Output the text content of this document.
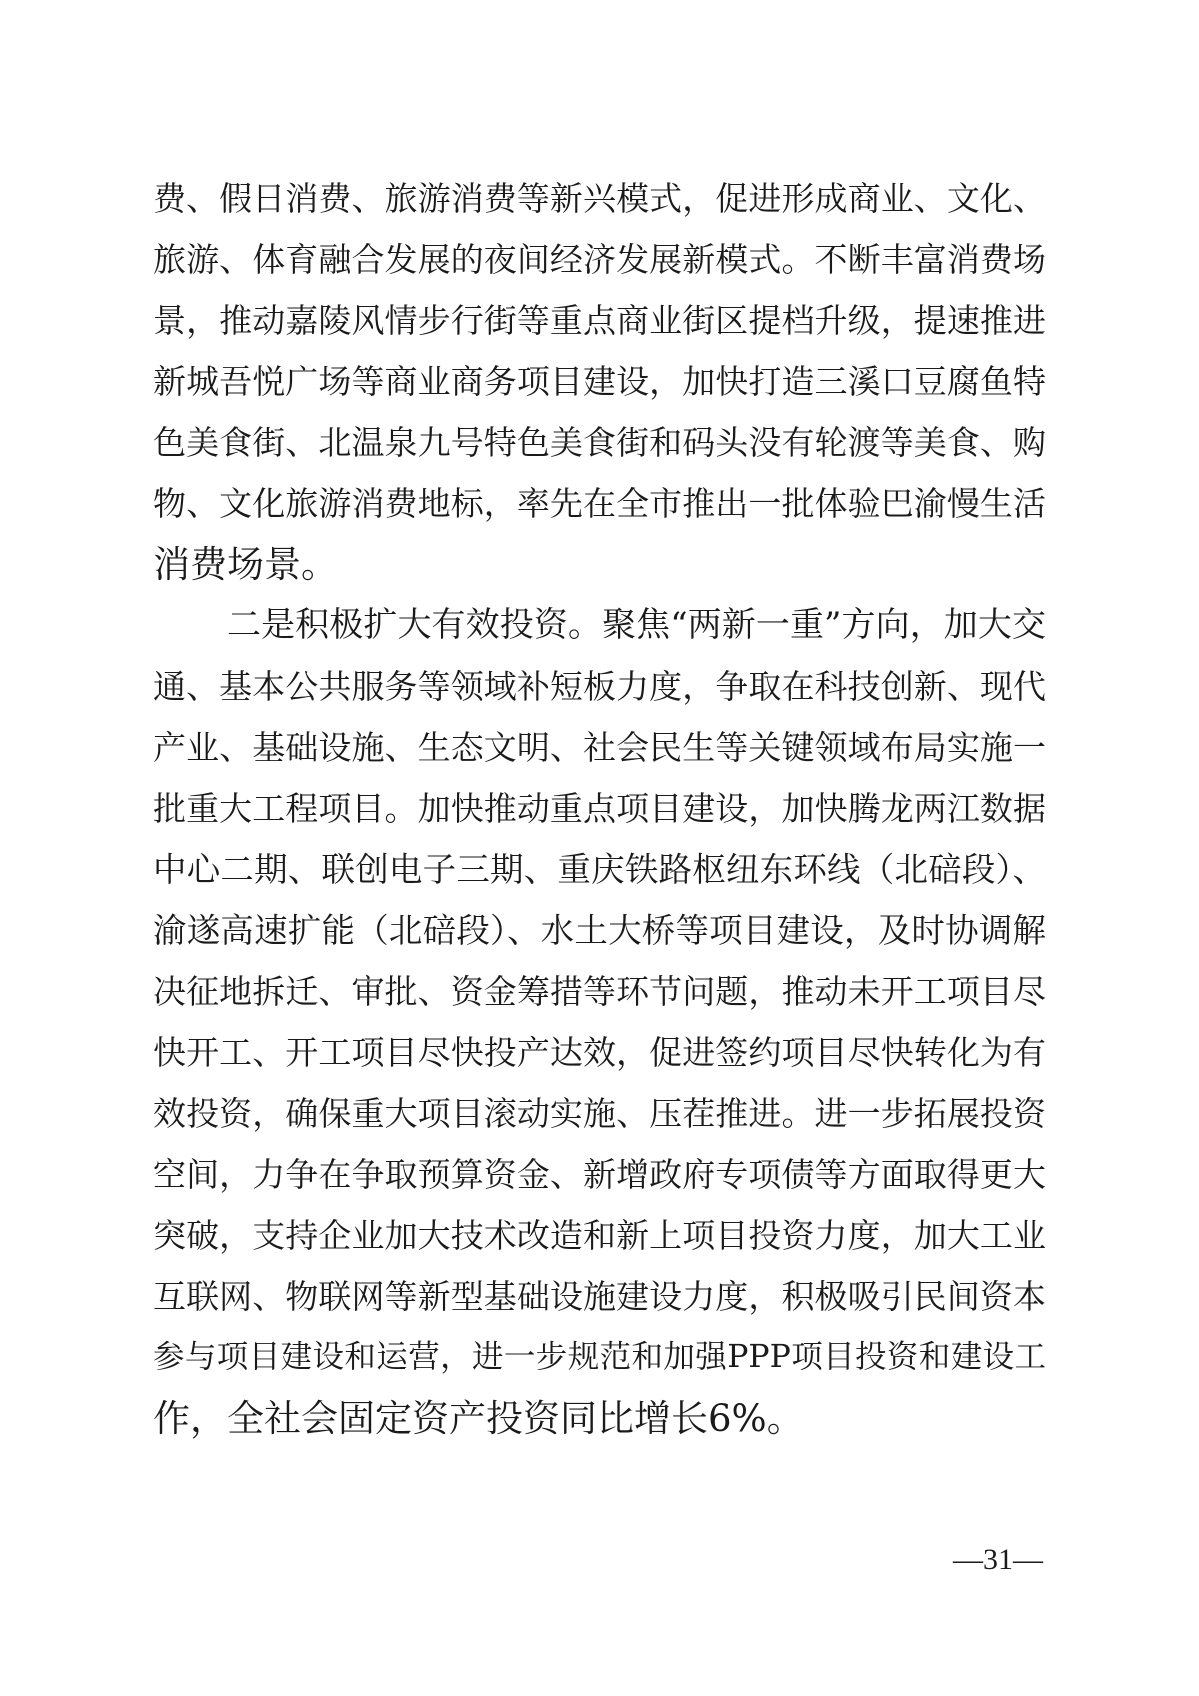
费、假日消费、旅游消费等新兴模式，促进形成商业、文化、
旅游、体育融合发展的夜间经济发展新模式。不断丰富消费场
景，推动嘉陵风情步行街等重点商业街区提档升级，提速推进
新城吾悦广场等商业商务项目建设，加快打造三溪口豆腐鱼特
色美食街、北温泉九号特色美食街和码头没有轮渡等美食、购
物、文化旅游消费地标，率先在全市推出一批体验巴渝慢生活
消费场景。
二是积极扩大有效投资。聚焦“两新一重”方向，加大交
通、基本公共服务等领域补短板力度，争取在科技创新、现代
产业、基础设施、生态文明、社会民生等关键领域布局实施一
批重大工程项目。加快推动重点项目建设，加快腾龙两江数据
中心二期、联创电子三期、重庆铁路枢纽东环线（北碚段）、
渝遂高速扩能（北碚段）、水土大桥等项目建设，及时协调解
决征地拆迁、审批、资金筹措等环节问题，推动未开工项目尽
快开工、开工项目尽快投产达效，促进签约项目尽快转化为有
效投资，确保重大项目滚动实施、压茬推进。进一步拓展投资
空间，力争在争取预算资金、新增政府专项债等方面取得更大
突破，支持企业加大技术改造和新上项目投资力度，加大工业
互联网、物联网等新型基础设施建设力度，积极吸引民间资本
参与项目建设和运营，进一步规范和加强PPP项目投资和建设工
作，全社会固定资产投资同比增长6%。
—31—
